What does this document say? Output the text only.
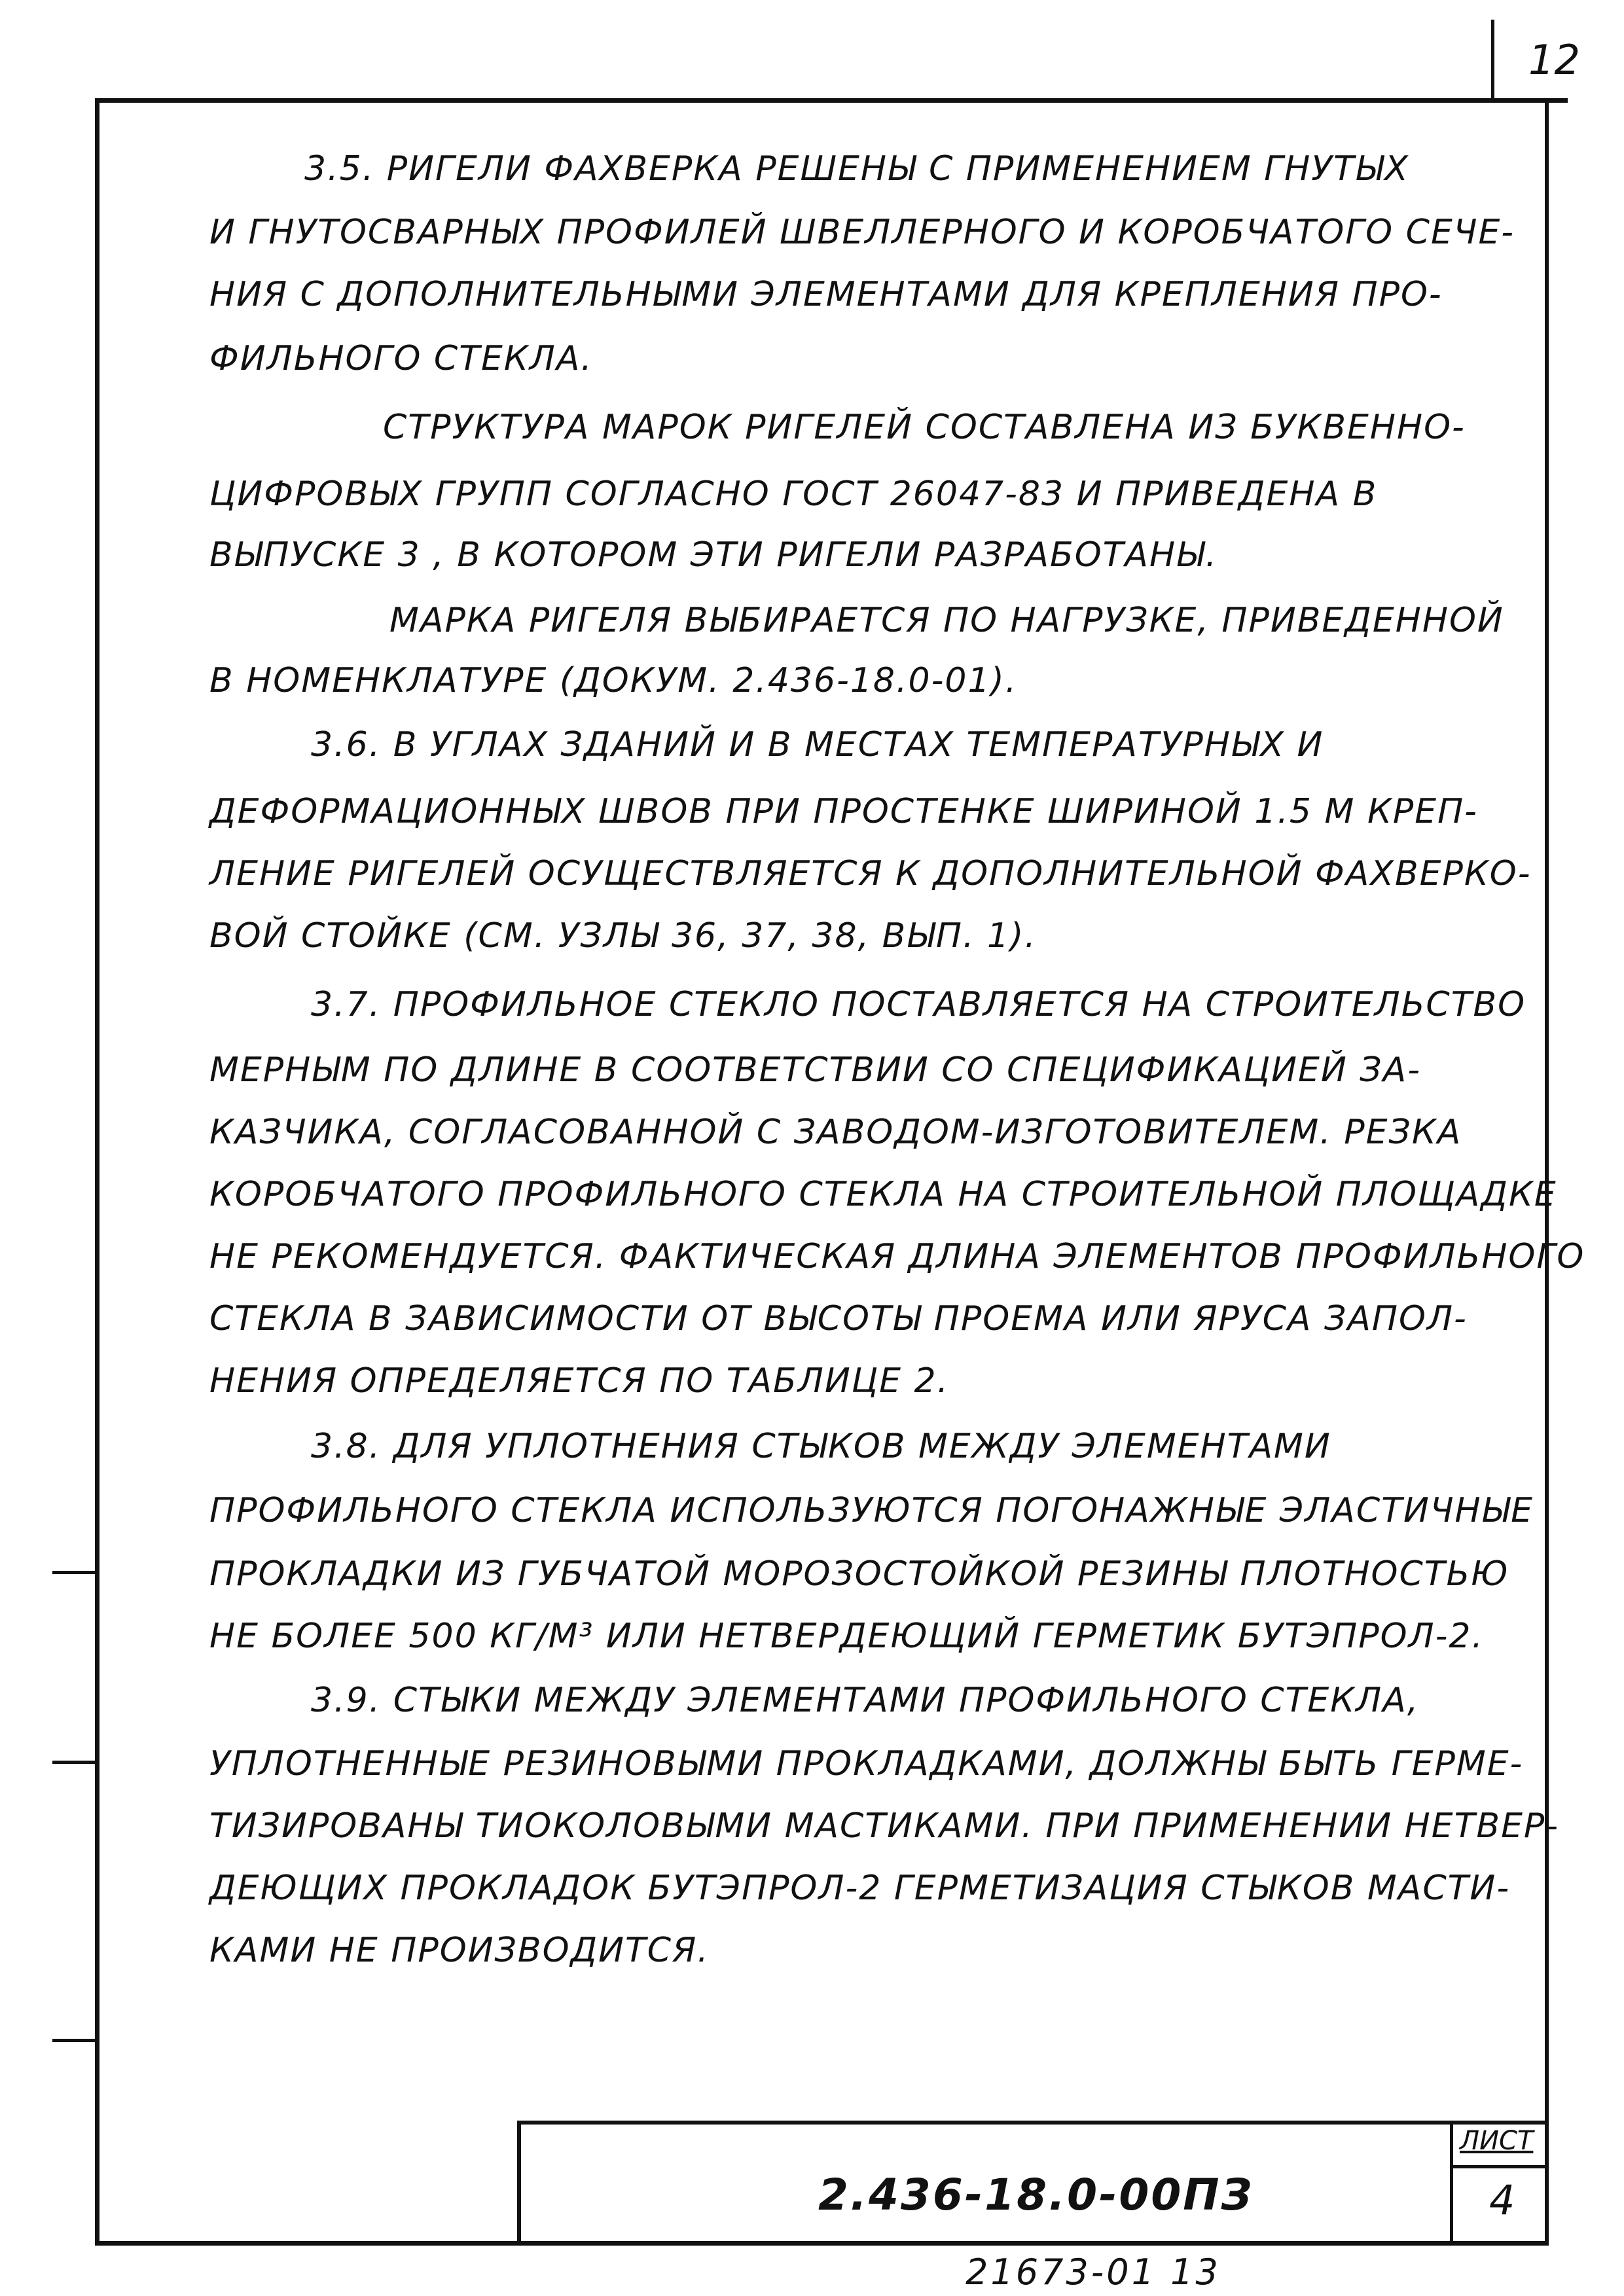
12
3.5. РИГЕЛИ ФАХВЕРКА РЕШЕНЫ С ПРИМЕНЕНИЕМ ГНУТЫХ
И ГНУТОСВАРНЫХ ПРОФИЛЕЙ ШВЕЛЛЕРНОГО И КОРОБЧАТОГО СЕЧЕ-
НИЯ С ДОПОЛНИТЕЛЬНЫМИ ЭЛЕМЕНТАМИ ДЛЯ КРЕПЛЕНИЯ ПРО-
ФИЛЬНОГО СТЕКЛА.
СТРУКТУРА МАРОК РИГЕЛЕЙ СОСТАВЛЕНА ИЗ БУКВЕННО-
ЦИФРОВЫХ ГРУПП СОГЛАСНО ГОСТ 26047-83 И ПРИВЕДЕНА В
ВЫПУСКЕ 3 , В КОТОРОМ ЭТИ РИГЕЛИ РАЗРАБОТАНЫ.
МАРКА РИГЕЛЯ ВЫБИРАЕТСЯ ПО НАГРУЗКЕ, ПРИВЕДЕННОЙ
В НОМЕНКЛАТУРЕ (ДОКУМ. 2.436-18.0-01).
3.6. В УГЛАХ ЗДАНИЙ И В МЕСТАХ ТЕМПЕРАТУРНЫХ И
ДЕФОРМАЦИОННЫХ ШВОВ ПРИ ПРОСТЕНКЕ ШИРИНОЙ 1.5 М КРЕП-
ЛЕНИЕ РИГЕЛЕЙ ОСУЩЕСТВЛЯЕТСЯ К ДОПОЛНИТЕЛЬНОЙ ФАХВЕРКО-
ВОЙ СТОЙКЕ (СМ. УЗЛЫ 36, 37, 38, ВЫП. 1).
3.7. ПРОФИЛЬНОЕ СТЕКЛО ПОСТАВЛЯЕТСЯ НА СТРОИТЕЛЬСТВО
МЕРНЫМ ПО ДЛИНЕ В СООТВЕТСТВИИ СО СПЕЦИФИКАЦИЕЙ ЗА-
КАЗЧИКА, СОГЛАСОВАННОЙ С ЗАВОДОМ-ИЗГОТОВИТЕЛЕМ. РЕЗКА
КОРОБЧАТОГО ПРОФИЛЬНОГО СТЕКЛА НА СТРОИТЕЛЬНОЙ ПЛОЩАДКЕ
НЕ РЕКОМЕНДУЕТСЯ. ФАКТИЧЕСКАЯ ДЛИНА ЭЛЕМЕНТОВ ПРОФИЛЬНОГО
СТЕКЛА В ЗАВИСИМОСТИ ОТ ВЫСОТЫ ПРОЕМА ИЛИ ЯРУСА ЗАПОЛ-
НЕНИЯ ОПРЕДЕЛЯЕТСЯ ПО ТАБЛИЦЕ 2.
3.8. ДЛЯ УПЛОТНЕНИЯ СТЫКОВ МЕЖДУ ЭЛЕМЕНТАМИ
ПРОФИЛЬНОГО СТЕКЛА ИСПОЛЬЗУЮТСЯ ПОГОНАЖНЫЕ ЭЛАСТИЧНЫЕ
ПРОКЛАДКИ ИЗ ГУБЧАТОЙ МОРОЗОСТОЙКОЙ РЕЗИНЫ ПЛОТНОСТЬЮ
НЕ БОЛЕЕ 500 КГ/М³ ИЛИ НЕТВЕРДЕЮЩИЙ ГЕРМЕТИК БУТЭПРОЛ-2.
3.9. СТЫКИ МЕЖДУ ЭЛЕМЕНТАМИ ПРОФИЛЬНОГО СТЕКЛА,
УПЛОТНЕННЫЕ РЕЗИНОВЫМИ ПРОКЛАДКАМИ, ДОЛЖНЫ БЫТЬ ГЕРМЕ-
ТИЗИРОВАНЫ ТИОКОЛОВЫМИ МАСТИКАМИ. ПРИ ПРИМЕНЕНИИ НЕТВЕР-
ДЕЮЩИХ ПРОКЛАДОК БУТЭПРОЛ-2 ГЕРМЕТИЗАЦИЯ СТЫКОВ МАСТИ-
КАМИ НЕ ПРОИЗВОДИТСЯ.
2.436-18.0-00ПЗ
ЛИСТ
4
21673-01 13
